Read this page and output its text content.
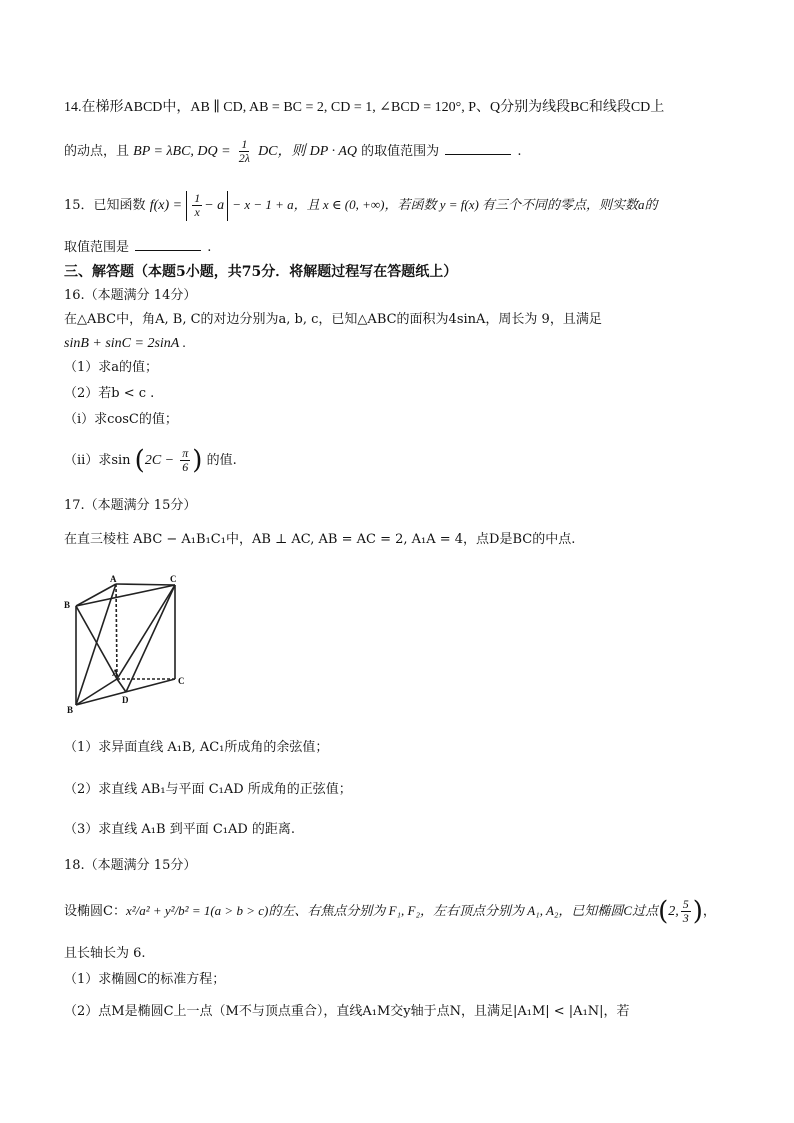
14.在梯形ABCD中，AB ∥ CD, AB = BC = 2, CD = 1, ∠BCD = 120°, P、Q分别为线段BC和线段CD上
的动点，且 BP = λBC, DQ = $\frac{1}{2\lambda}$ DC，则 DP · AQ 的取值范围为	.
15．已知函数 $f(x) = \frac{1}{x} - a - x - 1 + a$，且 x ∈ (0, +∞)，若函数 y = f(x) 有三个不同的零点，则实数a的
取值范围是	.
三、解答题（本题5小题，共75分．将解题过程写在答题纸上）
16.（本题满分 14分）
在△ABC中，角A, B, C的对边分别为a, b, c，已知△ABC的面积为4sinA，周长为 9，且满足
sinB + sinC = 2sinA .
（1）求a的值；
（2）若b < c .
（i）求cosC的值；
（ii）求$\sin (2C - \frac{\pi}{6}$ ) 的值.
17.（本题满分 15分）
在直三棱柱 ABC − A₁B₁C₁中，AB ⊥ AC, AB = AC = 2, A₁A = 4，点D是BC的中点.
A	C
B
A
C
B
D
（1）求异面直线 A₁B, AC₁所成角的余弦值；
（2）求直线 AB₁与平面 C₁AD 所成角的正弦值；
（3）求直线 A₁B 到平面 C₁AD 的距离.
18.（本题满分 15分）
设椭圆C：x²/a² + y²/b² = 1(a > b > c)的左、右焦点分别为 F₁, F₂，左右顶点分别为 A₁, A₂，已知椭圆C过点(2, $\frac{5}{3}$ )，
且长轴长为 6.
（1）求椭圆C的标准方程；
（2）点M是椭圆C上一点（M不与顶点重合），直线A₁M交y轴于点N，且满足|A₁M| < |A₁N|，若
